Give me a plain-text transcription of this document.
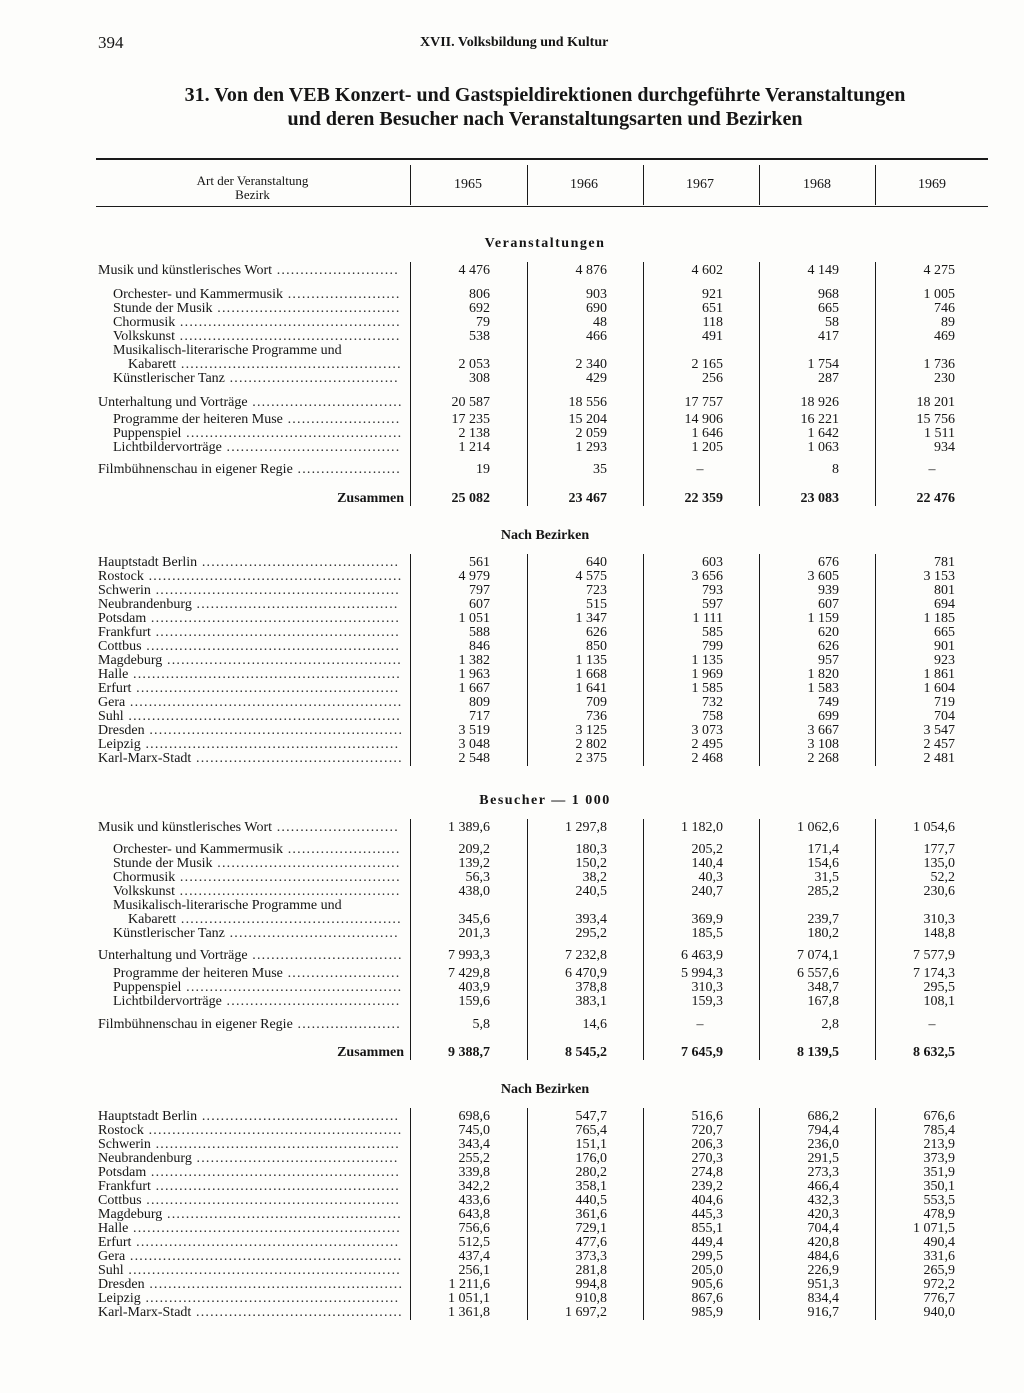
394	XVII. Volksbildung und Kultur
31. Von den VEB Konzert- und Gastspieldirektionen durchgeführte Veranstaltungen
und deren Besucher nach Veranstaltungsarten und Bezirken
Art der Veranstaltung
Bezirk
1965	1966	1967	1968	1969
Veranstaltungen
Musik und künstlerisches Wort ..........................	4 476	4 876	4 602	4 149	4 275
Orchester- und Kammermusik ........................	806	903	921	968	1 005
Stunde der Musik .......................................	692	690	651	665	746
Chormusik ...............................................	79	48	118	58	89
Volkskunst ...............................................	538	466	491	417	469
Musikalisch-literarische Programme und
Kabarett ...............................................	2 053	2 340	2 165	1 754	1 736
Künstlerischer Tanz ....................................	308	429	256	287	230
Unterhaltung und Vorträge ................................	20 587	18 556	17 757	18 926	18 201
Programme der heiteren Muse ........................	17 235	15 204	14 906	16 221	15 756
Puppenspiel ..............................................	2 138	2 059	1 646	1 642	1 511
Lichtbildervorträge .....................................	1 214	1 293	1 205	1 063	934
Filmbühnenschau in eigener Regie ......................	19	35	–	8	–
Zusammen	25 082	23 467	22 359	23 083	22 476
Nach Bezirken
Hauptstadt Berlin ..........................................	561	640	603	676	781
Rostock ......................................................	4 979	4 575	3 656	3 605	3 153
Schwerin ....................................................	797	723	793	939	801
Neubrandenburg ...........................................	607	515	597	607	694
Potsdam .....................................................	1 051	1 347	1 111	1 159	1 185
Frankfurt ....................................................	588	626	585	620	665
Cottbus ......................................................	846	850	799	626	901
Magdeburg ..................................................	1 382	1 135	1 135	957	923
Halle .........................................................	1 963	1 668	1 969	1 820	1 861
Erfurt ........................................................	1 667	1 641	1 585	1 583	1 604
Gera ..........................................................	809	709	732	749	719
Suhl ..........................................................	717	736	758	699	704
Dresden ......................................................	3 519	3 125	3 073	3 667	3 547
Leipzig ......................................................	3 048	2 802	2 495	3 108	2 457
Karl-Marx-Stadt ............................................	2 548	2 375	2 468	2 268	2 481
Besucher — 1 000
Musik und künstlerisches Wort ..........................	1 389,6	1 297,8	1 182,0	1 062,6	1 054,6
Orchester- und Kammermusik ........................	209,2	180,3	205,2	171,4	177,7
Stunde der Musik .......................................	139,2	150,2	140,4	154,6	135,0
Chormusik ...............................................	56,3	38,2	40,3	31,5	52,2
Volkskunst ...............................................	438,0	240,5	240,7	285,2	230,6
Musikalisch-literarische Programme und
Kabarett ...............................................	345,6	393,4	369,9	239,7	310,3
Künstlerischer Tanz ....................................	201,3	295,2	185,5	180,2	148,8
Unterhaltung und Vorträge ................................	7 993,3	7 232,8	6 463,9	7 074,1	7 577,9
Programme der heiteren Muse ........................	7 429,8	6 470,9	5 994,3	6 557,6	7 174,3
Puppenspiel ..............................................	403,9	378,8	310,3	348,7	295,5
Lichtbildervorträge .....................................	159,6	383,1	159,3	167,8	108,1
Filmbühnenschau in eigener Regie ......................	5,8	14,6	–	2,8	–
Zusammen	9 388,7	8 545,2	7 645,9	8 139,5	8 632,5
Nach Bezirken
Hauptstadt Berlin ..........................................	698,6	547,7	516,6	686,2	676,6
Rostock ......................................................	745,0	765,4	720,7	794,4	785,4
Schwerin ....................................................	343,4	151,1	206,3	236,0	213,9
Neubrandenburg ...........................................	255,2	176,0	270,3	291,5	373,9
Potsdam .....................................................	339,8	280,2	274,8	273,3	351,9
Frankfurt ....................................................	342,2	358,1	239,2	466,4	350,1
Cottbus ......................................................	433,6	440,5	404,6	432,3	553,5
Magdeburg ..................................................	643,8	361,6	445,3	420,3	478,9
Halle .........................................................	756,6	729,1	855,1	704,4	1 071,5
Erfurt ........................................................	512,5	477,6	449,4	420,8	490,4
Gera ..........................................................	437,4	373,3	299,5	484,6	331,6
Suhl ..........................................................	256,1	281,8	205,0	226,9	265,9
Dresden ......................................................	1 211,6	994,8	905,6	951,3	972,2
Leipzig ......................................................	1 051,1	910,8	867,6	834,4	776,7
Karl-Marx-Stadt ............................................	1 361,8	1 697,2	985,9	916,7	940,0
